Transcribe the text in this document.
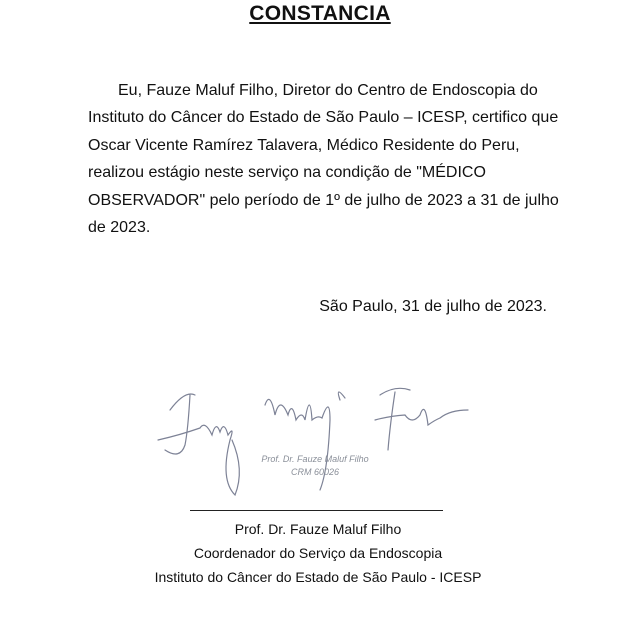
CONSTANCIA
Eu, Fauze Maluf Filho, Diretor do Centro de Endoscopia do
Instituto do Câncer do Estado de São Paulo – ICESP, certifico que
Oscar Vicente Ramírez Talavera, Médico Residente do Peru,
realizou estágio neste serviço na condição de "MÉDICO
OBSERVADOR" pelo período de 1º de julho de 2023 a 31 de julho
de 2023.
São Paulo, 31 de julho de 2023.
Prof. Dr. Fauze Maluf Filho
CRM 60026
Prof. Dr. Fauze Maluf Filho
Coordenador do Serviço da Endoscopia
Instituto do Câncer do Estado de São Paulo - ICESP
